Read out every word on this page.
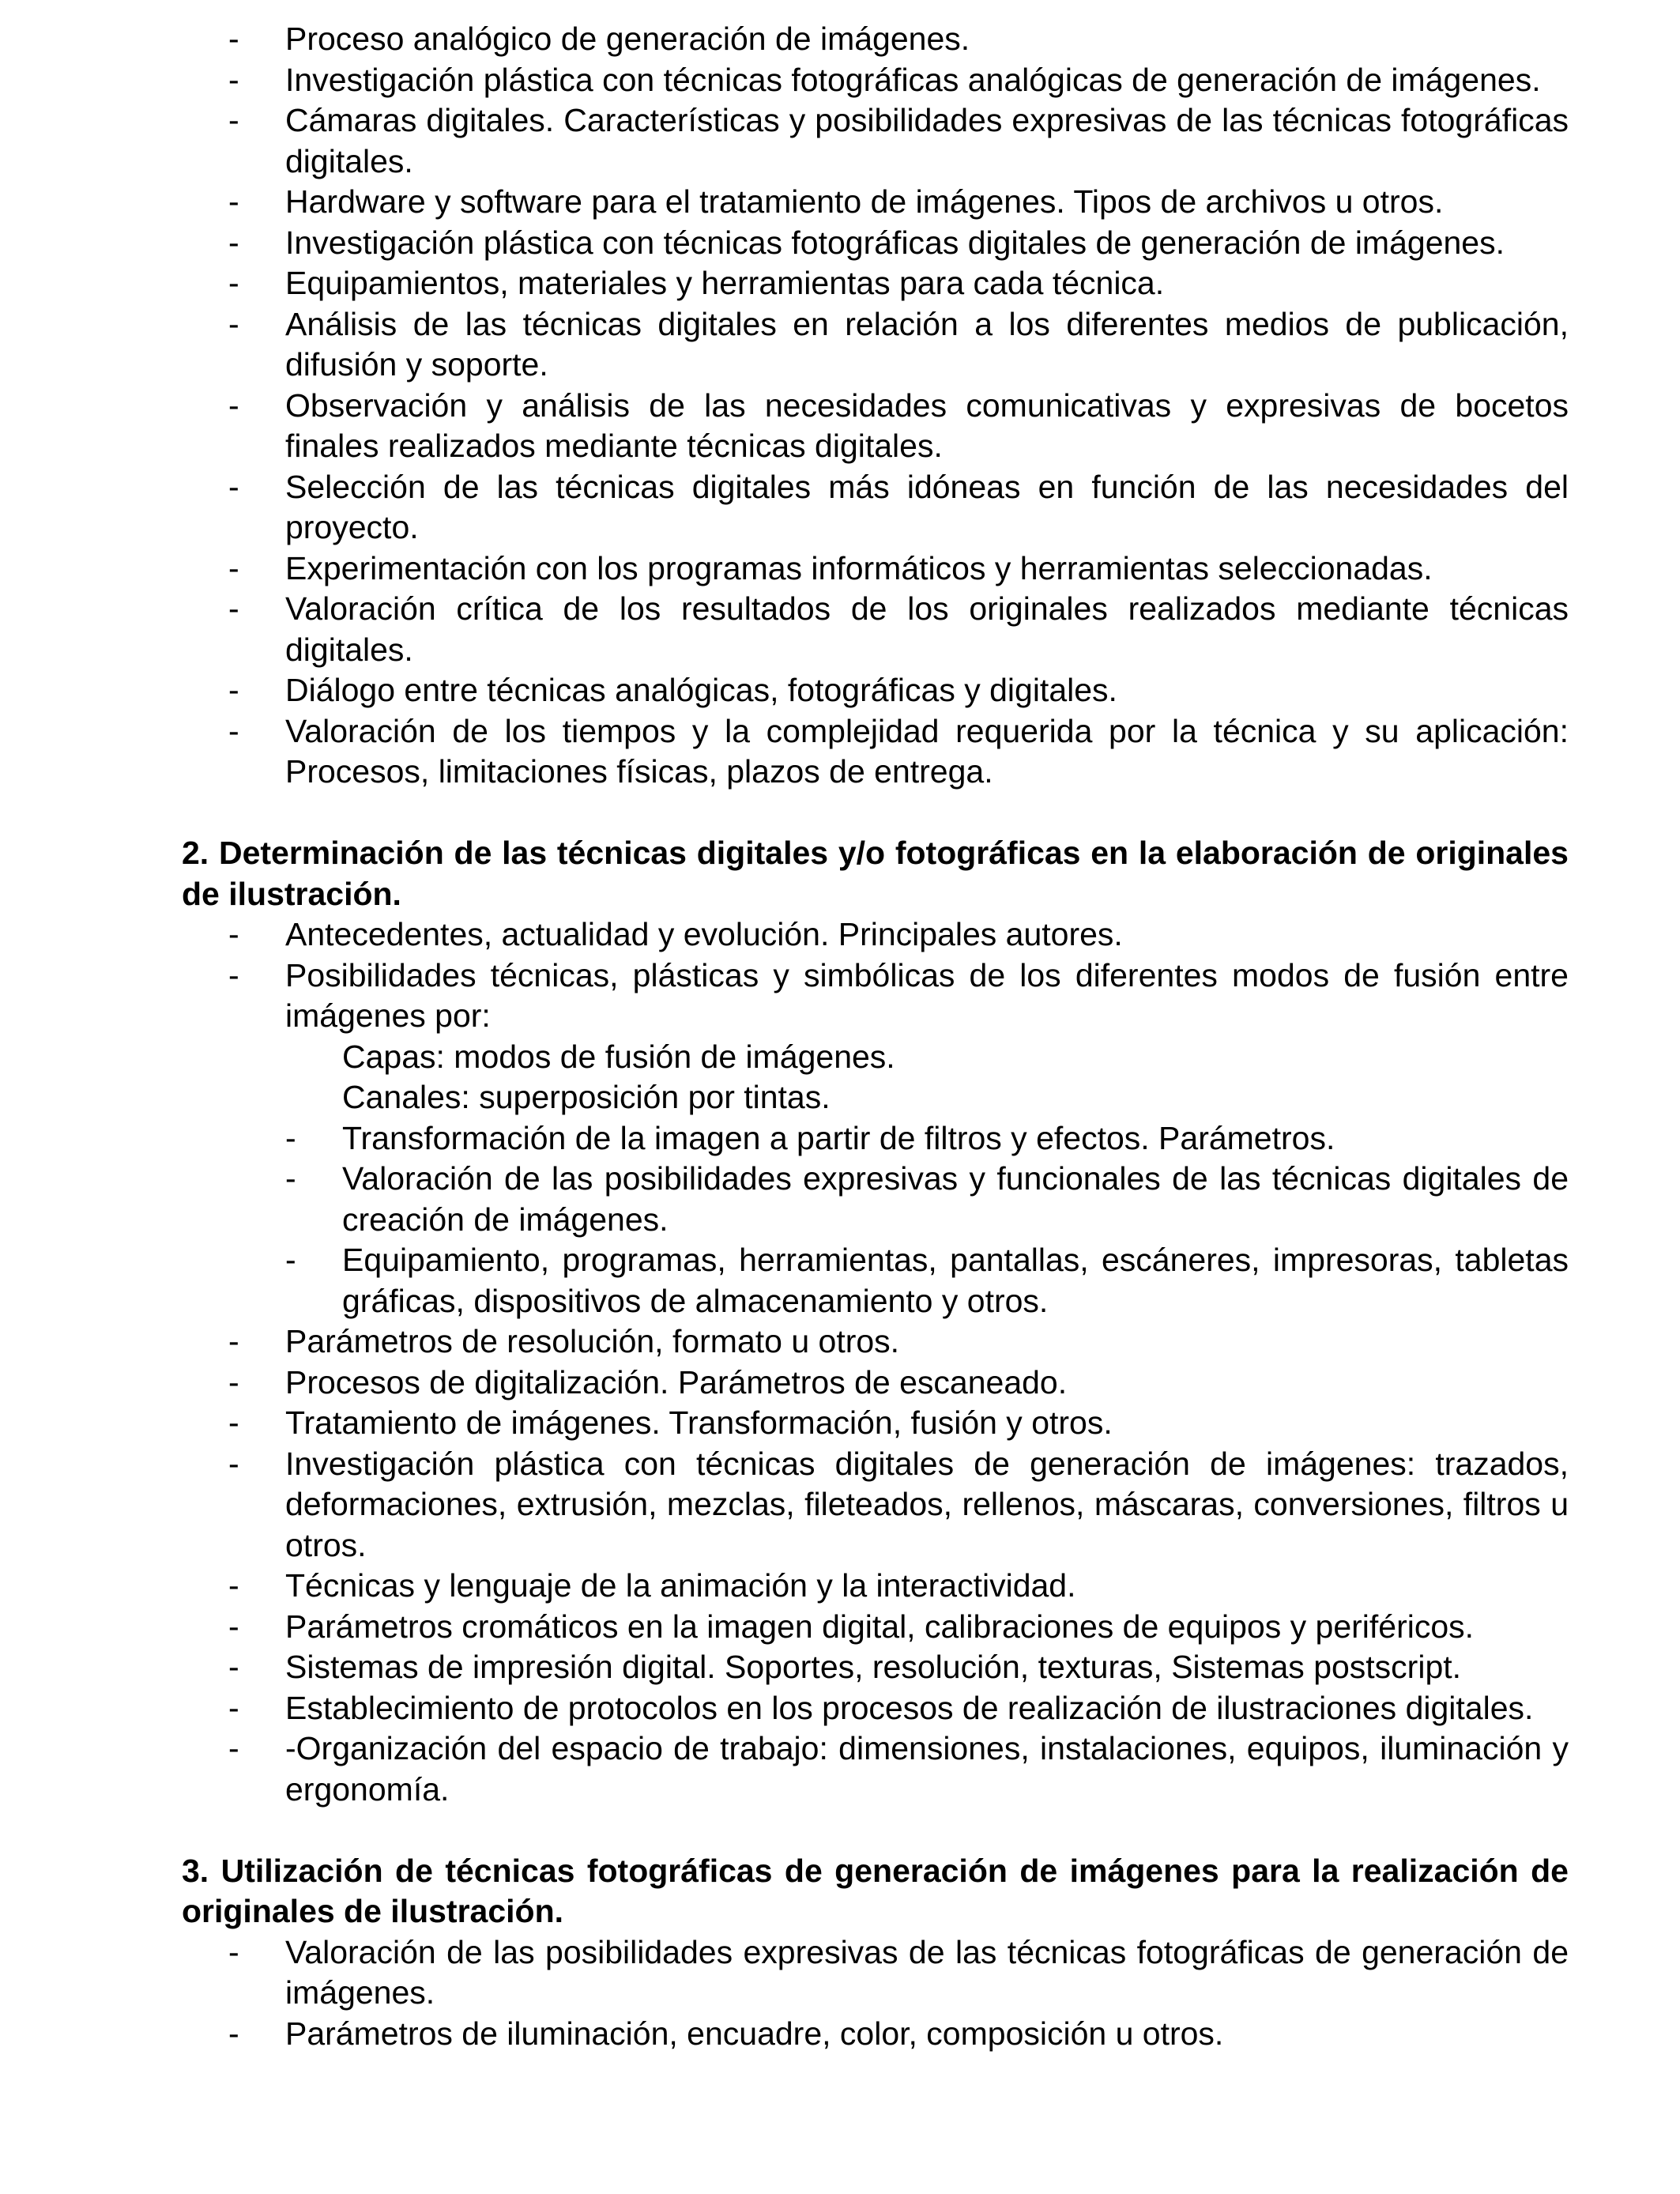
- Proceso analógico de generación de imágenes.
- Investigación plástica con técnicas fotográficas analógicas de generación de imágenes.
- Cámaras digitales. Características y posibilidades expresivas de las técnicas fotográficas digitales.
- Hardware y software para el tratamiento de imágenes. Tipos de archivos u otros.
- Investigación plástica con técnicas fotográficas digitales de generación de imágenes.
- Equipamientos, materiales y herramientas para cada técnica.
- Análisis de las técnicas digitales en relación a los diferentes medios de publicación, difusión y soporte.
- Observación y análisis de las necesidades comunicativas y expresivas de bocetos finales realizados mediante técnicas digitales.
- Selección de las técnicas digitales más idóneas en función de las necesidades del proyecto.
- Experimentación con los programas informáticos y herramientas seleccionadas.
- Valoración crítica de los resultados de los originales realizados mediante técnicas digitales.
- Diálogo entre técnicas analógicas, fotográficas y digitales.
- Valoración de los tiempos y la complejidad requerida por la técnica y su aplicación: Procesos, limitaciones físicas, plazos de entrega.
2. Determinación de las técnicas digitales y/o fotográficas en la elaboración de originales de ilustración.
- Antecedentes, actualidad y evolución. Principales autores.
- Posibilidades técnicas, plásticas y simbólicas de los diferentes modos de fusión entre imágenes por:
Capas: modos de fusión de imágenes.
Canales: superposición por tintas.
- Transformación de la imagen a partir de filtros y efectos. Parámetros.
- Valoración de las posibilidades expresivas y funcionales de las técnicas digitales de creación de imágenes.
- Equipamiento, programas, herramientas, pantallas, escáneres, impresoras, tabletas gráficas, dispositivos de almacenamiento y otros.
- Parámetros de resolución, formato u otros.
- Procesos de digitalización. Parámetros de escaneado.
- Tratamiento de imágenes. Transformación, fusión y otros.
- Investigación plástica con técnicas digitales de generación de imágenes: trazados, deformaciones, extrusión, mezclas, fileteados, rellenos, máscaras, conversiones, filtros u otros.
- Técnicas y lenguaje de la animación y la interactividad.
- Parámetros cromáticos en la imagen digital, calibraciones de equipos y periféricos.
- Sistemas de impresión digital. Soportes, resolución, texturas, Sistemas postscript.
- Establecimiento de protocolos en los procesos de realización de ilustraciones digitales.
- -Organización del espacio de trabajo: dimensiones, instalaciones, equipos, iluminación y ergonomía.
3. Utilización de técnicas fotográficas de generación de imágenes para la realización de originales de ilustración.
- Valoración de las posibilidades expresivas de las técnicas fotográficas de generación de imágenes.
- Parámetros de iluminación, encuadre, color, composición u otros.
